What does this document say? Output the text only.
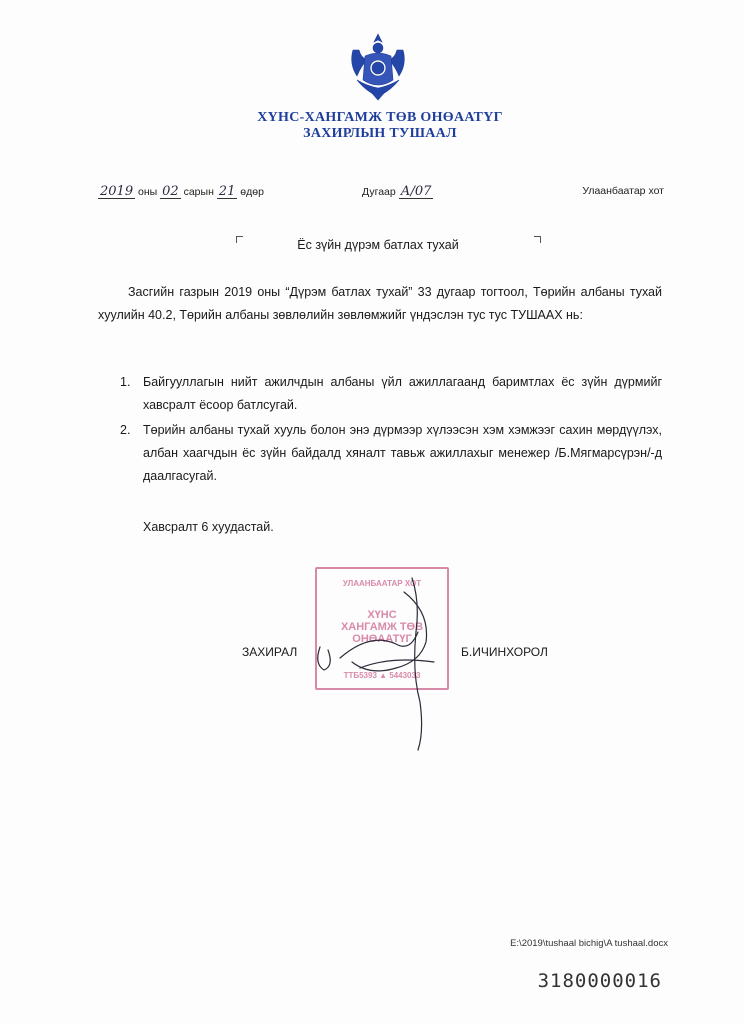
ХҮНС-ХАНГАМЖ ТӨВ ОНӨААТҮГ
ЗАХИРЛЫН ТУШААЛ
2019 оны 02 сарын 21 өдөр	Дугаар А/07	Улаанбаатар хот
Ёс зүйн дүрэм батлах тухай
Засгийн газрын 2019 оны “Дүрэм батлах тухай” 33 дугаар тогтоол, Төрийн албаны тухай хуулийн 40.2, Төрийн албаны зөвлөлийн зөвлөмжийг үндэслэн тус тус ТУШААХ нь:
1. Байгууллагын нийт ажилчдын албаны үйл ажиллагаанд баримтлах ёс зүйн дүрмийг хавсралт ёсоор батлсугай.
2. Төрийн албаны тухай хууль болон энэ дүрмээр хүлээсэн хэм хэмжээг сахин мөрдүүлэх, албан хаагчдын ёс зүйн байдалд хяналт тавьж ажиллахыг менежер /Б.Мягмарсүрэн/-д даалгасугай.
Хавсралт 6 хуудастай.
УЛААНБААТАР ХОТ
ХҮНС
ХАНГАМЖ ТӨВ
ОНӨААТҮГ
ТТБ5393 ▲ 5443033
ЗАХИРАЛ	Б.ИЧИНХОРОЛ
E:\2019\tushaal bichig\A tushaal.docx
3180000016
